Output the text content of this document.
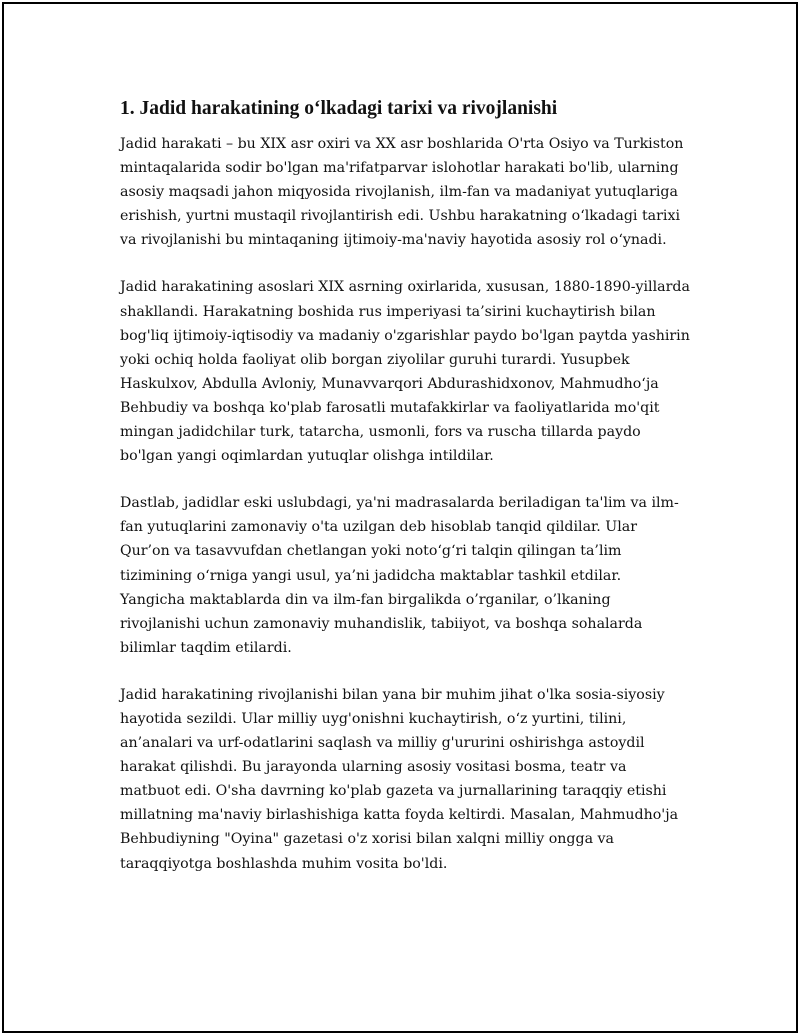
1. Jadid harakatining o‘lkadagi tarixi va rivojlanishi

Jadid harakati – bu XIX asr oxiri va XX asr boshlarida O'rta Osiyo va Turkiston mintaqalarida sodir bo'lgan ma'rifatparvar islohotlar harakati bo'lib, ularning asosiy maqsadi jahon miqyosida rivojlanish, ilm-fan va madaniyat yutuqlariga erishish, yurtni mustaqil rivojlantirish edi. Ushbu harakatning o‘lkadagi tarixi va rivojlanishi bu mintaqaning ijtimoiy-ma'naviy hayotida asosiy rol o‘ynadi.

Jadid harakatining asoslari XIX asrning oxirlarida, xususan, 1880-1890-yillarda shakllandi. Harakatning boshida rus imperiyasi ta’sirini kuchaytirish bilan bog'liq ijtimoiy-iqtisodiy va madaniy o'zgarishlar paydo bo'lgan paytda yashirin yoki ochiq holda faoliyat olib borgan ziyolilar guruhi turardi. Yusupbek Haskulxov, Abdulla Avloniy, Munavvarqori Abdurashidxonov, Mahmudho‘ja Behbudiy va boshqa ko'plab farosatli mutafakkirlar va faoliyatlarida mo'qit mingan jadidchilar turk, tatarcha, usmonli, fors va ruscha tillarda paydo bo'lgan yangi oqimlardan yutuqlar olishga intildilar.

Dastlab, jadidlar eski uslubdagi, ya'ni madrasalarda beriladigan ta'lim va ilm-fan yutuqlarini zamonaviy o'ta uzilgan deb hisoblab tanqid qildilar. Ular Qur’on va tasavvufdan chetlangan yoki noto‘g‘ri talqin qilingan ta’lim tizimining o‘rniga yangi usul, ya’ni jadidcha maktablar tashkil etdilar. Yangicha maktablarda din va ilm-fan birgalikda o’rganilar, o’lkaning rivojlanishi uchun zamonaviy muhandislik, tabiiyot, va boshqa sohalarda bilimlar taqdim etilardi.

Jadid harakatining rivojlanishi bilan yana bir muhim jihat o'lka sosia-siyosiy hayotida sezildi. Ular milliy uyg'onishni kuchaytirish, o‘z yurtini, tilini, an’analari va urf-odatlarini saqlash va milliy g'ururini oshirishga astoydil harakat qilishdi. Bu jarayonda ularning asosiy vositasi bosma, teatr va matbuot edi. O'sha davrning ko'plab gazeta va jurnallarining taraqqiy etishi millatning ma'naviy birlashishiga katta foyda keltirdi. Masalan, Mahmudho'ja Behbudiyning "Oyina" gazetasi o'z xorisi bilan xalqni milliy ongga va taraqqiyotga boshlashda muhim vosita bo'ldi.
